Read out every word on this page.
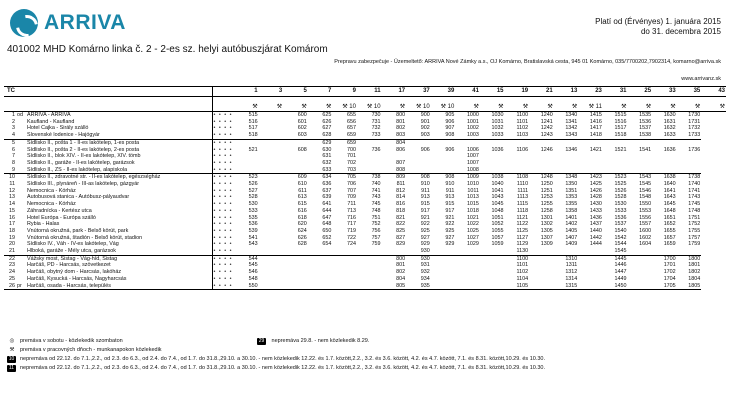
ARRIVA	Platí od (Érvényes) 1. januára 2015
do 31. decembra 2015
401002 MHD Komárno linka č. 2 - 2-es sz. helyi autóbuszjárat Komárom
Prepravu zabezpečuje - Üzemeltető: ARRIVA Nové Zámky a.s., OJ Komárno, Bratislavská cesta, 945 01 Komárno, 035/7700202,7902314, komarno@arriva.sk
www.arrivanz.sk
TČ				1	3	5	7	9	11	17	37	39	41	15	19	21	13	23	31	25	33	35	43
				⚒	⚒	⚒	⚒	⚒ 10	⚒ 10	⚒	⚒ 10	⚒ 10	⚒	⚒	⚒	⚒	⚒	⚒ 11	⚒	⚒	⚒	⚒	⚒
1	od	ARRIVA - ARRIVA	• • • •	515		600	625	655	730	800	900	905	1000	1030	1100	1240	1340	1415	1515	1535	1630	1730	
2		Kaufland - Kaufland	• • • •	516		601	626	656	731	801	901	906	1001	1031	1101	1241	1341	1416	1516	1536	1631	1731	
3		Hotel Čajka - Sirály szálló	• • • •	517		602	627	657	732	802	902	907	1002	1032	1102	1242	1342	1417	1517	1537	1632	1732	
4		Slovenské lodenice - Hajógyár	• • • •	518		603	628	659	733	803	903	908	1003	1033	1103	1243	1343	1418	1518	1538	1633	1733	
5		Sídlisko II., pošta 1 - II-es lakótelep, 1-es posta	• • • •				629	659		804													
6		Sídlisko II., pošta 2 - II-es lakótelep, 2-es posta	• • • •	521		608	630	700	736	806	906	906	1006	1036	1106	1246	1346	1421	1521	1541	1636	1736	
7		Sídlisko II., blok XIV. - II-es lakótelep, XIV. tömb	• • • •				631	701					1007										
8		Sídlisko II., garáže - II-es lakótelep, garázsok	• • • •				632	702		807			1007										
9		Sídlisko II., ZŠ - II-es lakótelep, alapiskola	• • • •				633	703		808			1008										
10		Sídlisko II., zdravotné str. - II-es lakótelep, egészségház	• • • •	523		609	634	705	738	809	908	908	1009	1038	1108	1248	1348	1423	1523	1543	1638	1738	
11		Sídlisko III., plynáreň - III-as lakótelep, gázgyár	• • • •	526		610	636	706	740	811	910	910	1010	1040	1110	1250	1350	1425	1525	1545	1640	1740	
12		Nemocnica - Kórház	• • • •	527		611	637	707	741	812	911	911	1011	1041	1111	1251	1351	1426	1526	1546	1641	1741	
13		Autobusová stanica - Autóbusz-pályaudvar	• • • •	528		613	639	709	743	814	913	913	1013	1043	1113	1253	1353	1428	1528	1548	1643	1743	
14		Nemocnica - Kórház	• • • •	530		615	641	711	745	816	915	915	1015	1045	1115	1255	1355	1430	1530	1550	1645	1745	
15		Záhradnícka - Kertész utca	• • • •	533		616	644	713	748	818	917	917	1018	1048	1118	1258	1358	1433	1533	1553	1648	1748	
16		Hotel Európa - Európa szálló	• • • •	535		618	647	716	751	821	921	921	1021	1051	1121	1301	1401	1436	1536	1556	1651	1751	
17		Rybia - Halas	• • • •	536		620	648	717	752	822	922	922	1022	1052	1122	1302	1402	1437	1537	1557	1652	1752	
18		Vnútorná okružná, park - Belső körút, park	• • • •	539		624	650	719	756	825	925	925	1025	1055	1125	1305	1405	1440	1540	1600	1655	1755	
19		Vnútorná okružná, štadión - Belső körút, stadion	• • • •	541		626	652	722	757	827	927	927	1027	1057	1127	1307	1407	1442	1542	1602	1657	1757	
20		Sídlisko IV., Váh - IV-es lakótelep, Vág	• • • •	543		628	654	724	759	829	929	929	1029	1059	1129	1309	1409	1444	1544	1604	1659	1759	
21		Hlboká, garáže - Mély utca, garázsok	• • • •								930				1130				1545				
22		Vážsky most, Sistag - Vág-híd, Sistag	• • • •	544						800	930				1100		1310		1445		1700	1800	
23		Harčáš, PD - Harcsás, szövetkezet	• • • •	545						801	931				1101		1311		1446		1701	1801	
24		Harčáš, obytný dom - Harcsás, lakóház	• • • •	546						802	932				1102		1312		1447		1702	1802	
25		Harčáš, Kysucká - Harcsás, Nagyharcsás	• • • •	548						804	934				1104		1314		1449		1704	1804	
26	pr	Harčáš, osada - Harcsás, település	• • • •	550						805	935				1105		1315		1450		1705	1805	
◎	premáva v sobotu - közlekedik szombaton	29 nepremáva 29.8. - nem közlekedik 8.29.
⚒	premáva v pracovných dňoch - munkanapokon közlekedik
10	nepremáva od 22.12. do 7.1.,2.2., od 2.3. do 6.3., od 2.4. do 7.4., od 1.7. do 31.8.,29.10. a 30.10. - nem közlekedik 12.22. és 1.7. között,2.2., 3.2. és 3.6. között, 4.2. és 4.7. között, 7.1. és 8.31. között,10.29. és 10.30.
11	nepremáva od 22.12. do 7.1.,2.2., od 2.3. do 6.3., od 2.4. do 7.4., od 1.7. do 31.8.,29.10. a 30.10. - nem közlekedik 12.22. és 1.7. között,2.2., 3.2. és 3.6. között, 4.2. és 4.7. között, 7.1. és 8.31. között,10.29. és 10.30.
